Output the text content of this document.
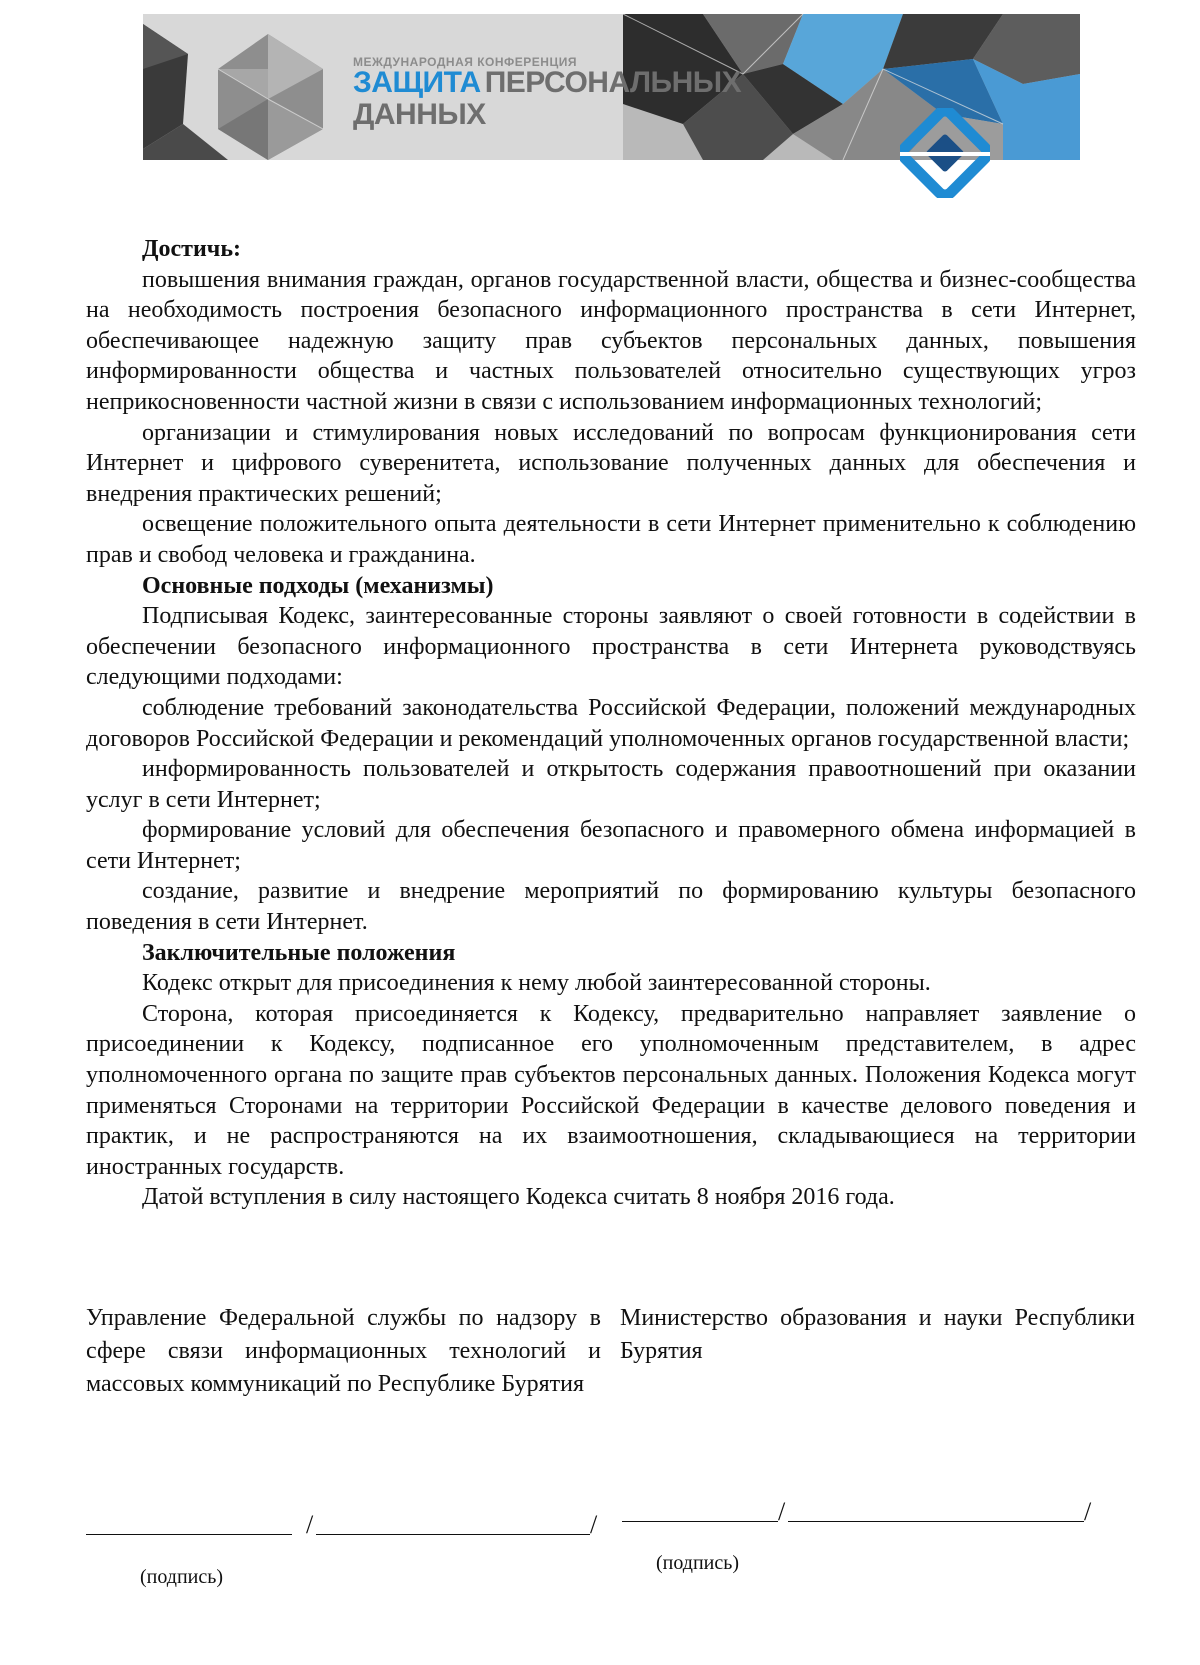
МЕЖДУНАРОДНАЯ КОНФЕРЕНЦИЯ
ЗАЩИТА ПЕРСОНАЛЬНЫХ
ДАННЫХ

Достичь:

повышения внимания граждан, органов государственной власти, общества и бизнес-сообщества на необходимость построения безопасного информационного пространства в сети Интернет, обеспечивающее надежную защиту прав субъектов персональных данных, повышения информированности общества и частных пользователей относительно существующих угроз неприкосновенности частной жизни в связи с использованием информационных технологий;

организации и стимулирования новых исследований по вопросам функционирования сети Интернет и цифрового суверенитета, использование полученных данных для обеспечения и внедрения практических решений;

освещение положительного опыта деятельности в сети Интернет применительно к соблюдению прав и свобод человека и гражданина.

Основные подходы (механизмы)

Подписывая Кодекс, заинтересованные стороны заявляют о своей готовности в содействии в обеспечении безопасного информационного пространства в сети Интернета руководствуясь следующими подходами:

соблюдение требований законодательства Российской Федерации, положений международных договоров Российской Федерации и рекомендаций уполномоченных органов государственной власти;

информированность пользователей и открытость содержания правоотношений при оказании услуг в сети Интернет;

формирование условий для обеспечения безопасного и правомерного обмена информацией в сети Интернет;

создание, развитие и внедрение мероприятий по формированию культуры безопасного поведения в сети Интернет.

Заключительные положения

Кодекс открыт для присоединения к нему любой заинтересованной стороны.

Сторона, которая присоединяется к Кодексу, предварительно направляет заявление о присоединении к Кодексу, подписанное его уполномоченным представителем, в адрес уполномоченного органа по защите прав субъектов персональных данных. Положения Кодекса могут применяться Сторонами на территории Российской Федерации в качестве делового поведения и практик, и не распространяются на их взаимоотношения, складывающиеся на территории иностранных государств.

Датой вступления в силу настоящего Кодекса считать 8 ноября 2016 года.

Управление Федеральной службы по надзору в сфере связи информационных технологий и массовых коммуникаций по Республике Бурятия
Министерство образования и науки Республики Бурятия
/	/
(подпись)
/	/
(подпись)
